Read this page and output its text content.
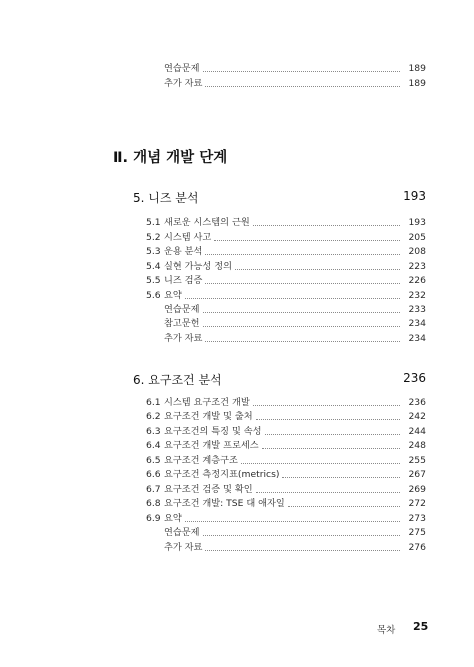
연습문제	189
추가 자료	189
Ⅱ. 개념 개발 단계
5. 니즈 분석	193
5.1 새로운 시스템의 근원	193
5.2 시스템 사고	205
5.3 운용 분석	208
5.4 실현 가능성 정의	223
5.5 니즈 검증	226
5.6 요약	232
연습문제	233
참고문헌	234
추가 자료	234
6. 요구조건 분석	236
6.1 시스템 요구조건 개발	236
6.2 요구조건 개발 및 출처	242
6.3 요구조건의 특징 및 속성	244
6.4 요구조건 개발 프로세스	248
6.5 요구조건 계층구조	255
6.6 요구조건 측정지표(metrics)	267
6.7 요구조건 검증 및 확인	269
6.8 요구조건 개발: TSE 대 애자일	272
6.9 요약	273
연습문제	275
추가 자료	276
목차 25
